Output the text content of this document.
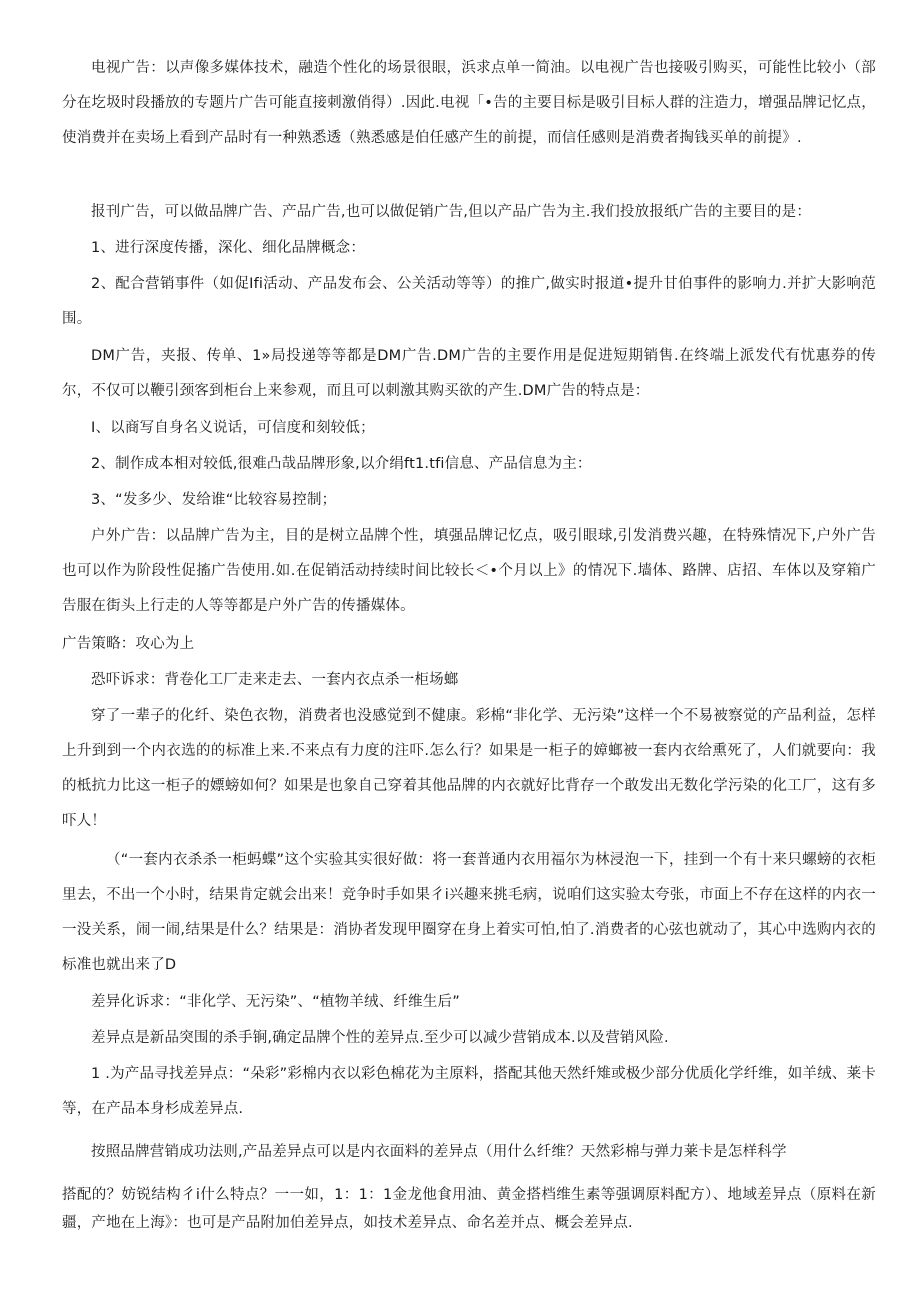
电视广告：以声像多媒体技术，融造个性化的场景很眼，浜求点单一简油。以电视广告也接吸引购买，可能性比较小（部分在圪圾时段播放的专题片广告可能直接刺激俏得）.因此.电视「•告的主要目标是吸引目标人群的注造力，增强品牌记忆点，使消费并在卖场上看到产品时有一种熟悉透（熟悉感是伯任感产生的前提，而信任感则是消费者掏钱买单的前提》.

报刊广告，可以做品牌广告、产品广告,也可以做促销广告,但以产品广告为主.我们投放报纸广告的主要目的是：

1、进行深度传播，深化、细化品牌概念：

2、配合营销事件（如促Ifi活动、产品发布会、公关活动等等）的推广,做实时报道•提升甘伯事件的影响力.并扩大影响范围。

DM广告，夹报、传单、1»局投递等等都是DM广告.DM广告的主要作用是促进短期销售.在终端上派发代有忧惠券的传尔，不仅可以鞭引颈客到柜台上来参观，而且可以刺激其购买欲的产生.DM广告的特点是：

I、以商写自身名义说话，可信度和刻较低；

2、制作成本相对较低,很难凸哉品牌形象,以介绢ft1.tfi信息、产品信息为主：

3、“发多少、发给谁“比较容易控制；

户外广告：以品牌广告为主，目的是树立品牌个性，填强品牌记忆点，吸引眼球,引发消费兴趣，在特殊情况下,户外广告也可以作为阶段性促搐广告使用.如.在促销活动持续时间比较长＜•个月以上》的情况下.墙体、路牌、店招、车体以及穿箱广告服在街头上行走的人等等都是户外广告的传播媒体。

广告策略：攻心为上

恐吓诉求：背卷化工厂走来走去、一套内衣点杀一柜场螂

穿了一辈子的化纤、染色衣物，消费者也没感觉到不健康。彩棉“非化学、无污染”这样一个不易被察觉的产品利益，怎样上升到到一个内衣选的的标准上来.不来点有力度的注吓.怎么行？如果是一柜子的嫜螂被一套内衣给熏死了，人们就要向：我的柢抗力比这一柜子的嫖螃如何？如果是也象自己穿着其他品牌的内衣就好比背存一个敢发出无数化学污染的化工厂，这有多吓人！

（“一套内衣杀杀一柜蚂蝶”这个实验其实很好做：将一套普通内衣用福尔为林浸泡一下，挂到一个有十来只螺螃的衣柜里去，不出一个小时，结果肯定就会出来！竞争时手如果彳i兴趣来挑毛病，说咱们这实验太夸张，市面上不存在这样的内衣一一没关系，闹一闹,结果是什么？结果是：消协者发现甲圈穿在身上着实可怕,怕了.消费者的心弦也就动了，其心中选购内衣的标准也就出来了D

差异化诉求：“非化学、无污染”、“植物羊绒、纤维生后”

差异点是新品突围的杀手锏,确定品牌个性的差异点.至少可以减少营销成本.以及营销风险.

1 .为产品寻找差异点：“朵彩”彩棉内衣以彩色棉花为主原料，搭配其他天然纤雉或极少部分优质化学纤维，如羊绒、莱卡等，在产品本身杉成差异点.

按照品牌营销成功法则,产品差异点可以是内衣面料的差异点（用什么纤维？天然彩棉与弹力莱卡是怎样科学

搭配的？妨锐结构彳i什么特点？一一如，1：1：1金龙他食用油、黄金搭档维生素等强调原料配方）、地域差异点（原料在新疆，产地在上海》：也可是产品附加伯差异点，如技术差异点、命名差并点、概会差异点.
